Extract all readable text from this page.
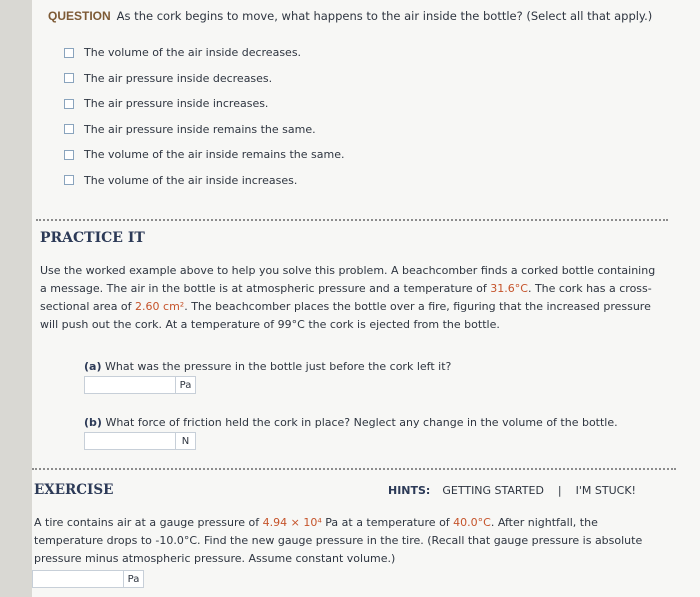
QUESTION As the cork begins to move, what happens to the air inside the bottle? (Select all that apply.)
The volume of the air inside decreases.
The air pressure inside decreases.
The air pressure inside increases.
The air pressure inside remains the same.
The volume of the air inside remains the same.
The volume of the air inside increases.
PRACTICE IT
Use the worked example above to help you solve this problem. A beachcomber finds a corked bottle containing a message. The air in the bottle is at atmospheric pressure and a temperature of 31.6°C. The cork has a cross-sectional area of 2.60 cm². The beachcomber places the bottle over a fire, figuring that the increased pressure will push out the cork. At a temperature of 99°C the cork is ejected from the bottle.
(a) What was the pressure in the bottle just before the cork left it?
Pa
(b) What force of friction held the cork in place? Neglect any change in the volume of the bottle.
N
EXERCISE	HINTS: GETTING STARTED | I'M STUCK!
A tire contains air at a gauge pressure of 4.94 × 10⁴ Pa at a temperature of 40.0°C. After nightfall, the temperature drops to -10.0°C. Find the new gauge pressure in the tire. (Recall that gauge pressure is absolute pressure minus atmospheric pressure. Assume constant volume.)
Pa
